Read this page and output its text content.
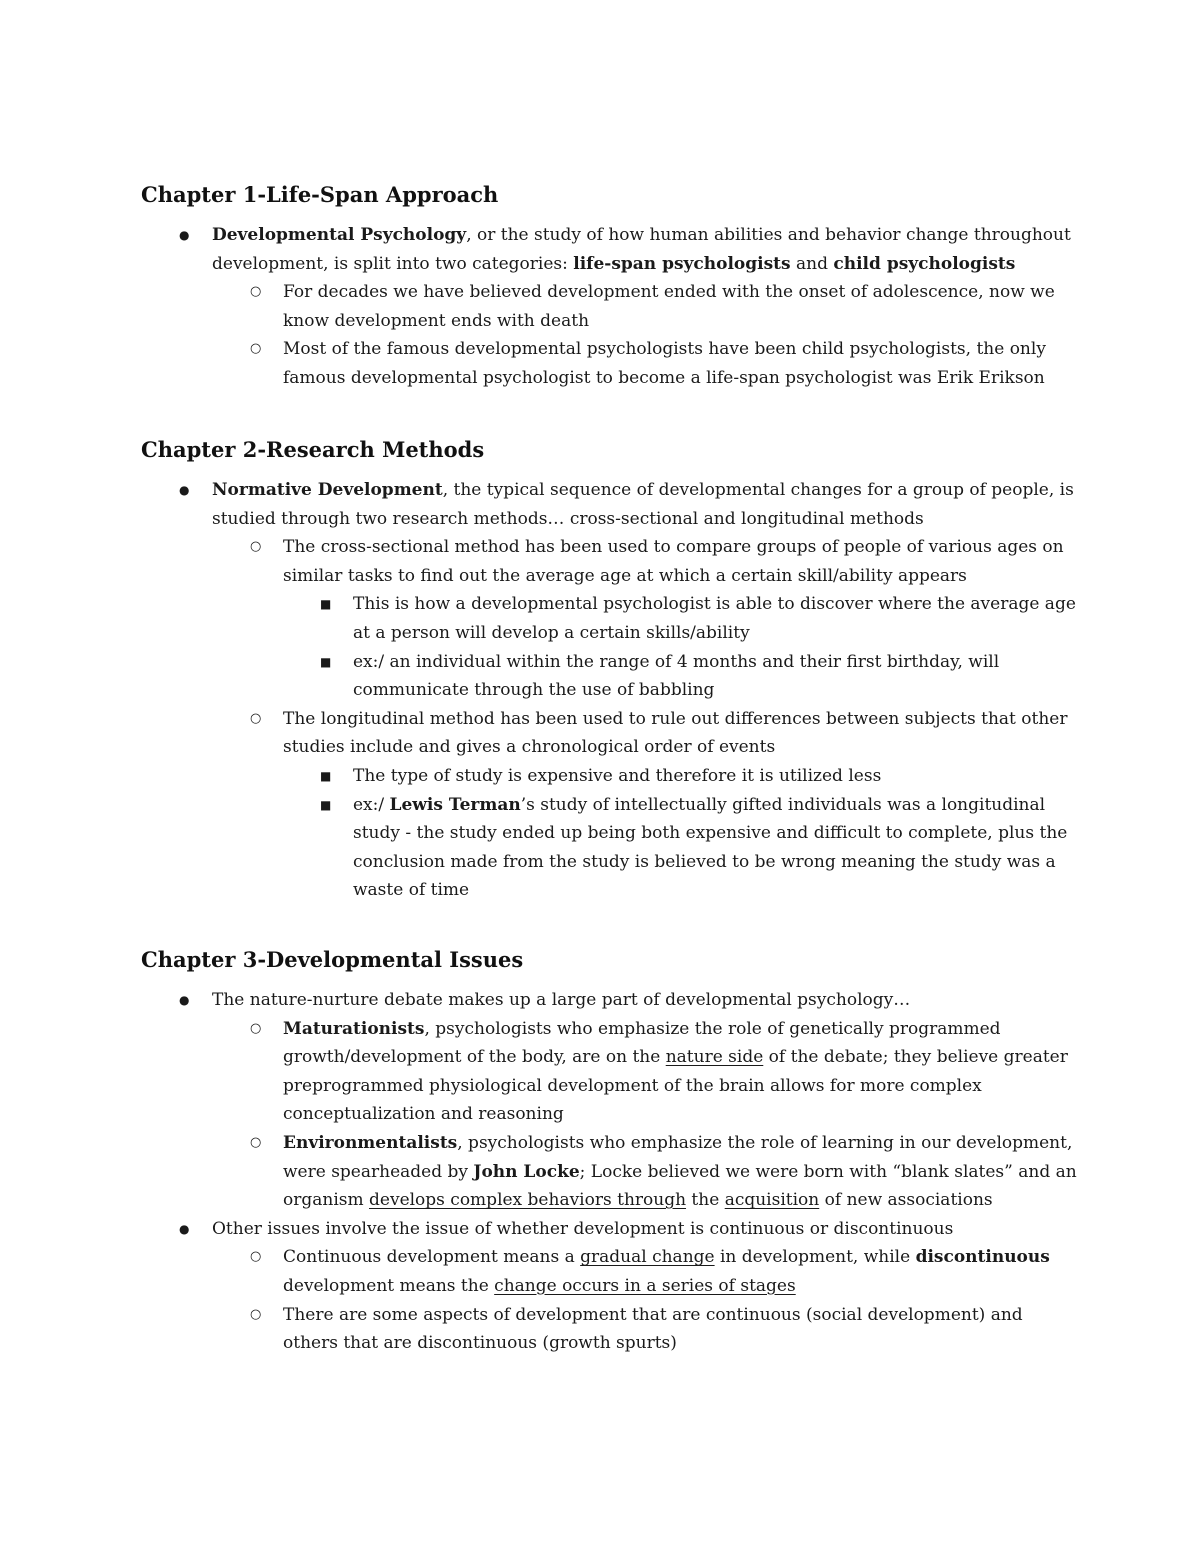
Chapter 1-Life-Span Approach
● Developmental Psychology, or the study of how human abilities and behavior change throughout development, is split into two categories: life-span psychologists and child psychologists
○ For decades we have believed development ended with the onset of adolescence, now we know development ends with death
○ Most of the famous developmental psychologists have been child psychologists, the only famous developmental psychologist to become a life-span psychologist was Erik Erikson
Chapter 2-Research Methods
● Normative Development, the typical sequence of developmental changes for a group of people, is studied through two research methods… cross-sectional and longitudinal methods
○ The cross-sectional method has been used to compare groups of people of various ages on similar tasks to find out the average age at which a certain skill/ability appears
■ This is how a developmental psychologist is able to discover where the average age at a person will develop a certain skills/ability
■ ex:/ an individual within the range of 4 months and their first birthday, will communicate through the use of babbling
○ The longitudinal method has been used to rule out differences between subjects that other studies include and gives a chronological order of events
■ The type of study is expensive and therefore it is utilized less
■ ex:/ Lewis Terman’s study of intellectually gifted individuals was a longitudinal study - the study ended up being both expensive and difficult to complete, plus the conclusion made from the study is believed to be wrong meaning the study was a waste of time
Chapter 3-Developmental Issues
● The nature-nurture debate makes up a large part of developmental psychology…
○ Maturationists, psychologists who emphasize the role of genetically programmed growth/development of the body, are on the nature side of the debate; they believe greater preprogrammed physiological development of the brain allows for more complex conceptualization and reasoning
○ Environmentalists, psychologists who emphasize the role of learning in our development, were spearheaded by John Locke; Locke believed we were born with “blank slates” and an organism develops complex behaviors through the acquisition of new associations
● Other issues involve the issue of whether development is continuous or discontinuous
○ Continuous development means a gradual change in development, while discontinuous development means the change occurs in a series of stages
○ There are some aspects of development that are continuous (social development) and others that are discontinuous (growth spurts)
